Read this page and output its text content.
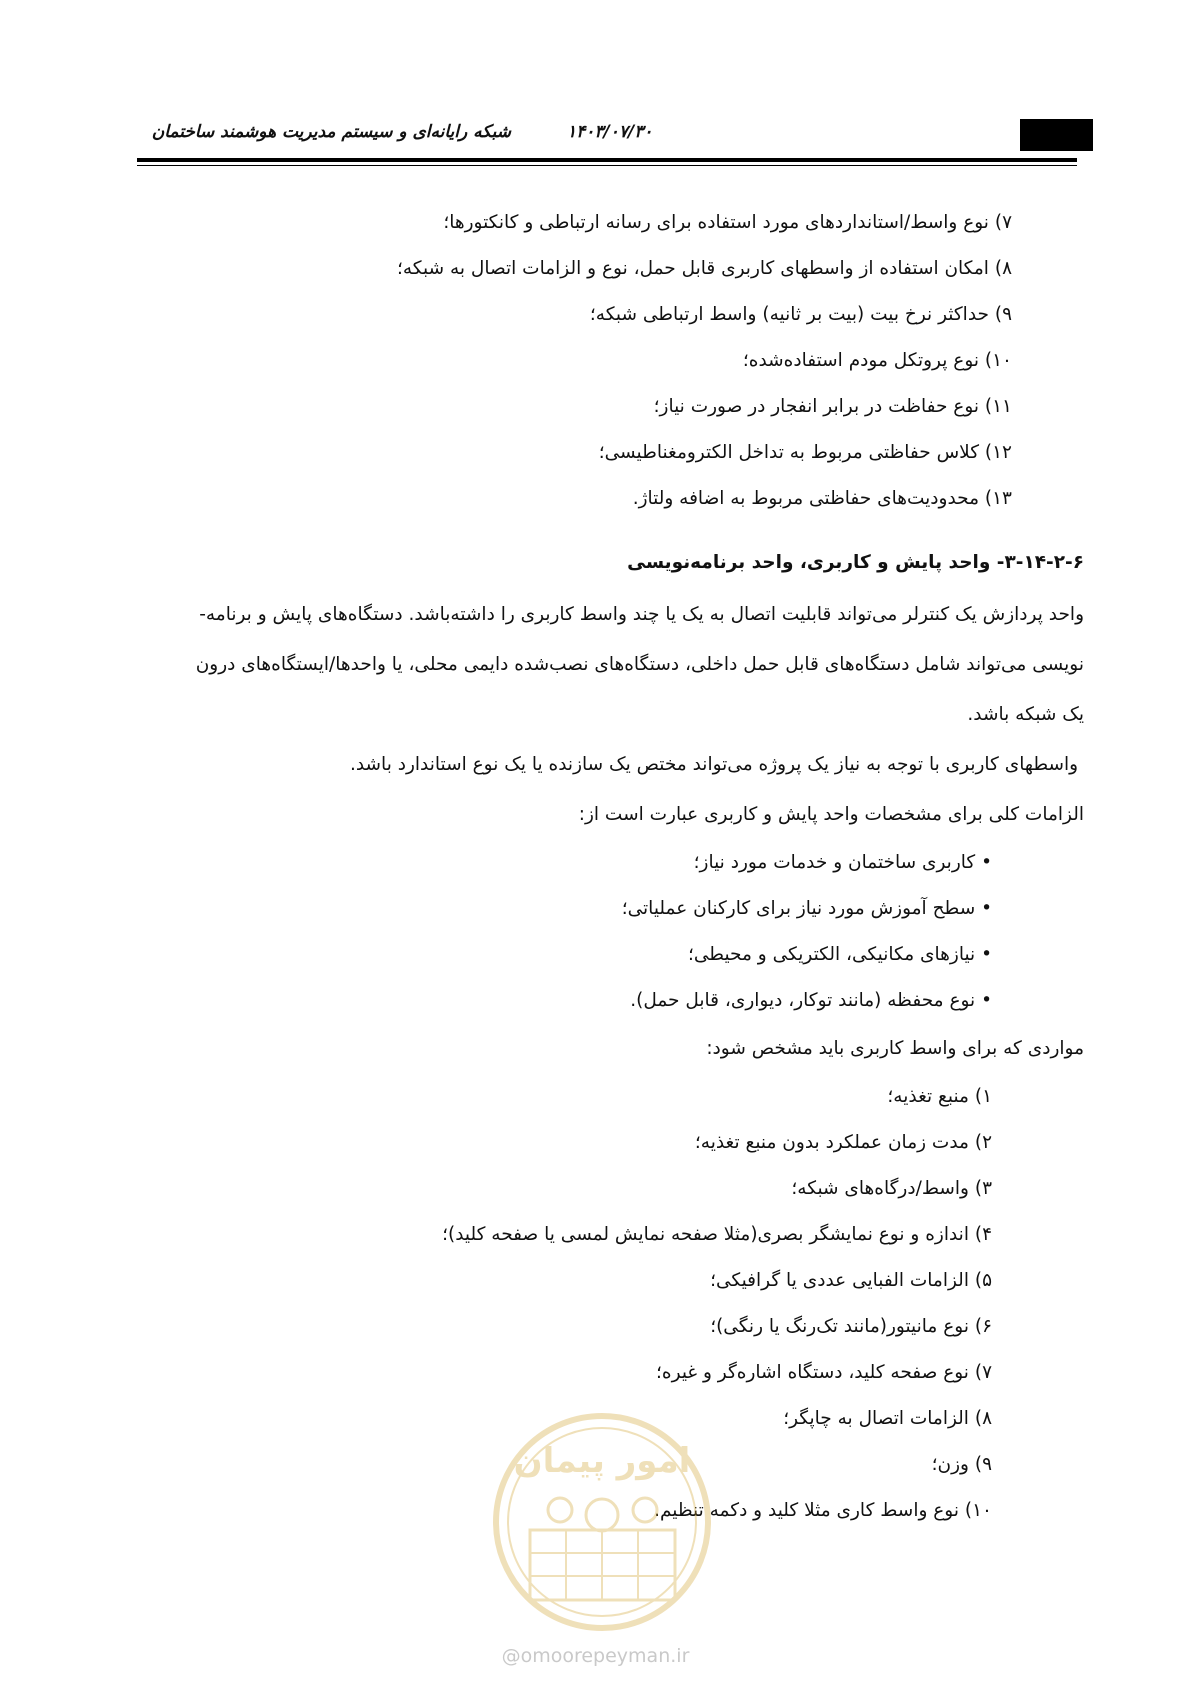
۱۴۰۳/۰۷/۳۰
شبکه رایانه‌ای و سیستم مدیریت هوشمند ساختمان
۷) نوع واسط/استانداردهای مورد استفاده برای رسانه ارتباطی و کانکتورها؛
۸) امکان استفاده از واسطهای کاربری قابل حمل، نوع و الزامات اتصال به شبکه؛
۹) حداکثر نرخ بیت (بیت بر ثانیه) واسط ارتباطی شبکه؛
۱۰) نوع پروتکل مودم استفاده‌شده؛
۱۱) نوع حفاظت در برابر انفجار در صورت نیاز؛
۱۲) کلاس حفاظتی مربوط به تداخل الکترومغناطیسی؛
۱۳) محدودیت‌های حفاظتی مربوط به اضافه ولتاژ.
۳-۱۴-۲-۶- واحد پایش و کاربری، واحد برنامه‌نویسی
واحد پردازش یک کنترلر می‌تواند قابلیت اتصال به یک یا چند واسط کاربری را داشته‌باشد. دستگاه‌های پایش و برنامه-
نویسی می‌تواند شامل دستگاه‌های قابل حمل داخلی، دستگاه‌های نصب‌شده دایمی محلی، یا واحدها/ایستگاه‌های درون
یک شبکه باشد.
واسطهای کاربری با توجه به نیاز یک پروژه می‌تواند مختص یک سازنده یا یک نوع استاندارد باشد.
الزامات کلی برای مشخصات واحد پایش و کاربری عبارت است از:
• کاربری ساختمان و خدمات مورد نیاز؛
• سطح آموزش مورد نیاز برای کارکنان عملیاتی؛
• نیازهای مکانیکی، الکتریکی و محیطی؛
• نوع محفظه (مانند توکار، دیواری، قابل حمل).
مواردی که برای واسط کاربری باید مشخص شود:
۱) منبع تغذیه؛
۲) مدت زمان عملکرد بدون منبع تغذیه؛
۳) واسط/درگاه‌های شبکه؛
۴) اندازه و نوع نمایشگر بصری(مثلا صفحه نمایش لمسی یا صفحه کلید)؛
۵) الزامات الفبایی عددی یا گرافیکی؛
۶) نوع مانیتور(مانند تک‌رنگ یا رنگی)؛
۷) نوع صفحه کلید، دستگاه اشاره‌گر و غیره؛
۸) الزامات اتصال به چاپگر؛
۹) وزن؛
۱۰) نوع واسط کاری مثلا کلید و دکمه تنظیم.
امور پیمان
@omoorepeyman.ir
